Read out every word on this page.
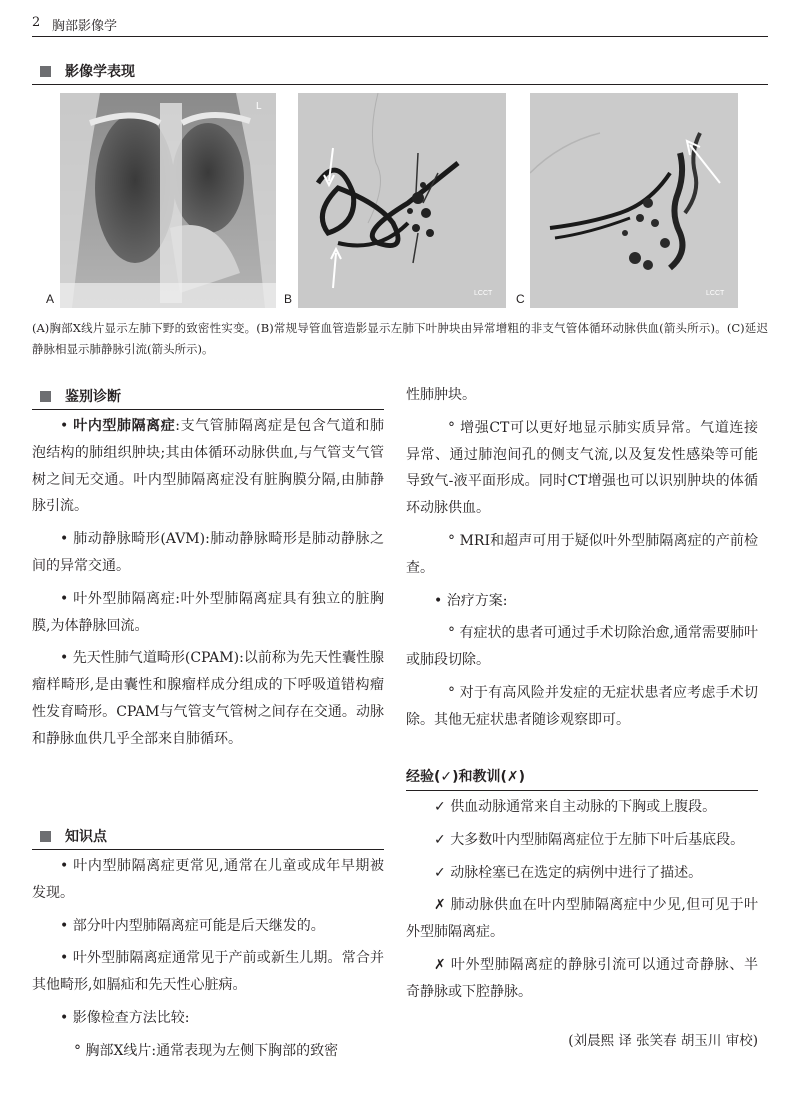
2 胸部影像学
影像学表现
L
A	LCCT
B	LCCT
C
(A)胸部X线片显示左肺下野的致密性实变。(B)常规导管血管造影显示左肺下叶肿块由异常增粗的非支气管体循环动脉供血(箭头所示)。(C)延迟静脉相显示肺静脉引流(箭头所示)。
鉴别诊断

• 叶内型肺隔离症:支气管肺隔离症是包含气道和肺泡结构的肺组织肿块;其由体循环动脉供血,与气管支气管树之间无交通。叶内型肺隔离症没有脏胸膜分隔,由肺静脉引流。

• 肺动静脉畸形(AVM):肺动静脉畸形是肺动静脉之间的异常交通。

• 叶外型肺隔离症:叶外型肺隔离症具有独立的脏胸膜,为体静脉回流。

• 先天性肺气道畸形(CPAM):以前称为先天性囊性腺瘤样畸形,是由囊性和腺瘤样成分组成的下呼吸道错构瘤性发育畸形。CPAM与气管支气管树之间存在交通。动脉和静脉血供几乎全部来自肺循环。

知识点

• 叶内型肺隔离症更常见,通常在儿童或成年早期被发现。

• 部分叶内型肺隔离症可能是后天继发的。

• 叶外型肺隔离症通常见于产前或新生儿期。常合并其他畸形,如膈疝和先天性心脏病。

• 影像检查方法比较:

° 胸部X线片:通常表现为左侧下胸部的致密

性肺肿块。

° 增强CT可以更好地显示肺实质异常。气道连接异常、通过肺泡间孔的侧支气流,以及复发性感染等可能导致气-液平面形成。同时CT增强也可以识别肿块的体循环动脉供血。

° MRI和超声可用于疑似叶外型肺隔离症的产前检查。

• 治疗方案:

° 有症状的患者可通过手术切除治愈,通常需要肺叶或肺段切除。

° 对于有高风险并发症的无症状患者应考虑手术切除。其他无症状患者随诊观察即可。

经验(✓)和教训(✗)

✓ 供血动脉通常来自主动脉的下胸或上腹段。

✓ 大多数叶内型肺隔离症位于左肺下叶后基底段。

✓ 动脉栓塞已在选定的病例中进行了描述。

✗ 肺动脉供血在叶内型肺隔离症中少见,但可见于叶外型肺隔离症。

✗ 叶外型肺隔离症的静脉引流可以通过奇静脉、半奇静脉或下腔静脉。

(刘晨熙 译 张笑春 胡玉川 审校)
